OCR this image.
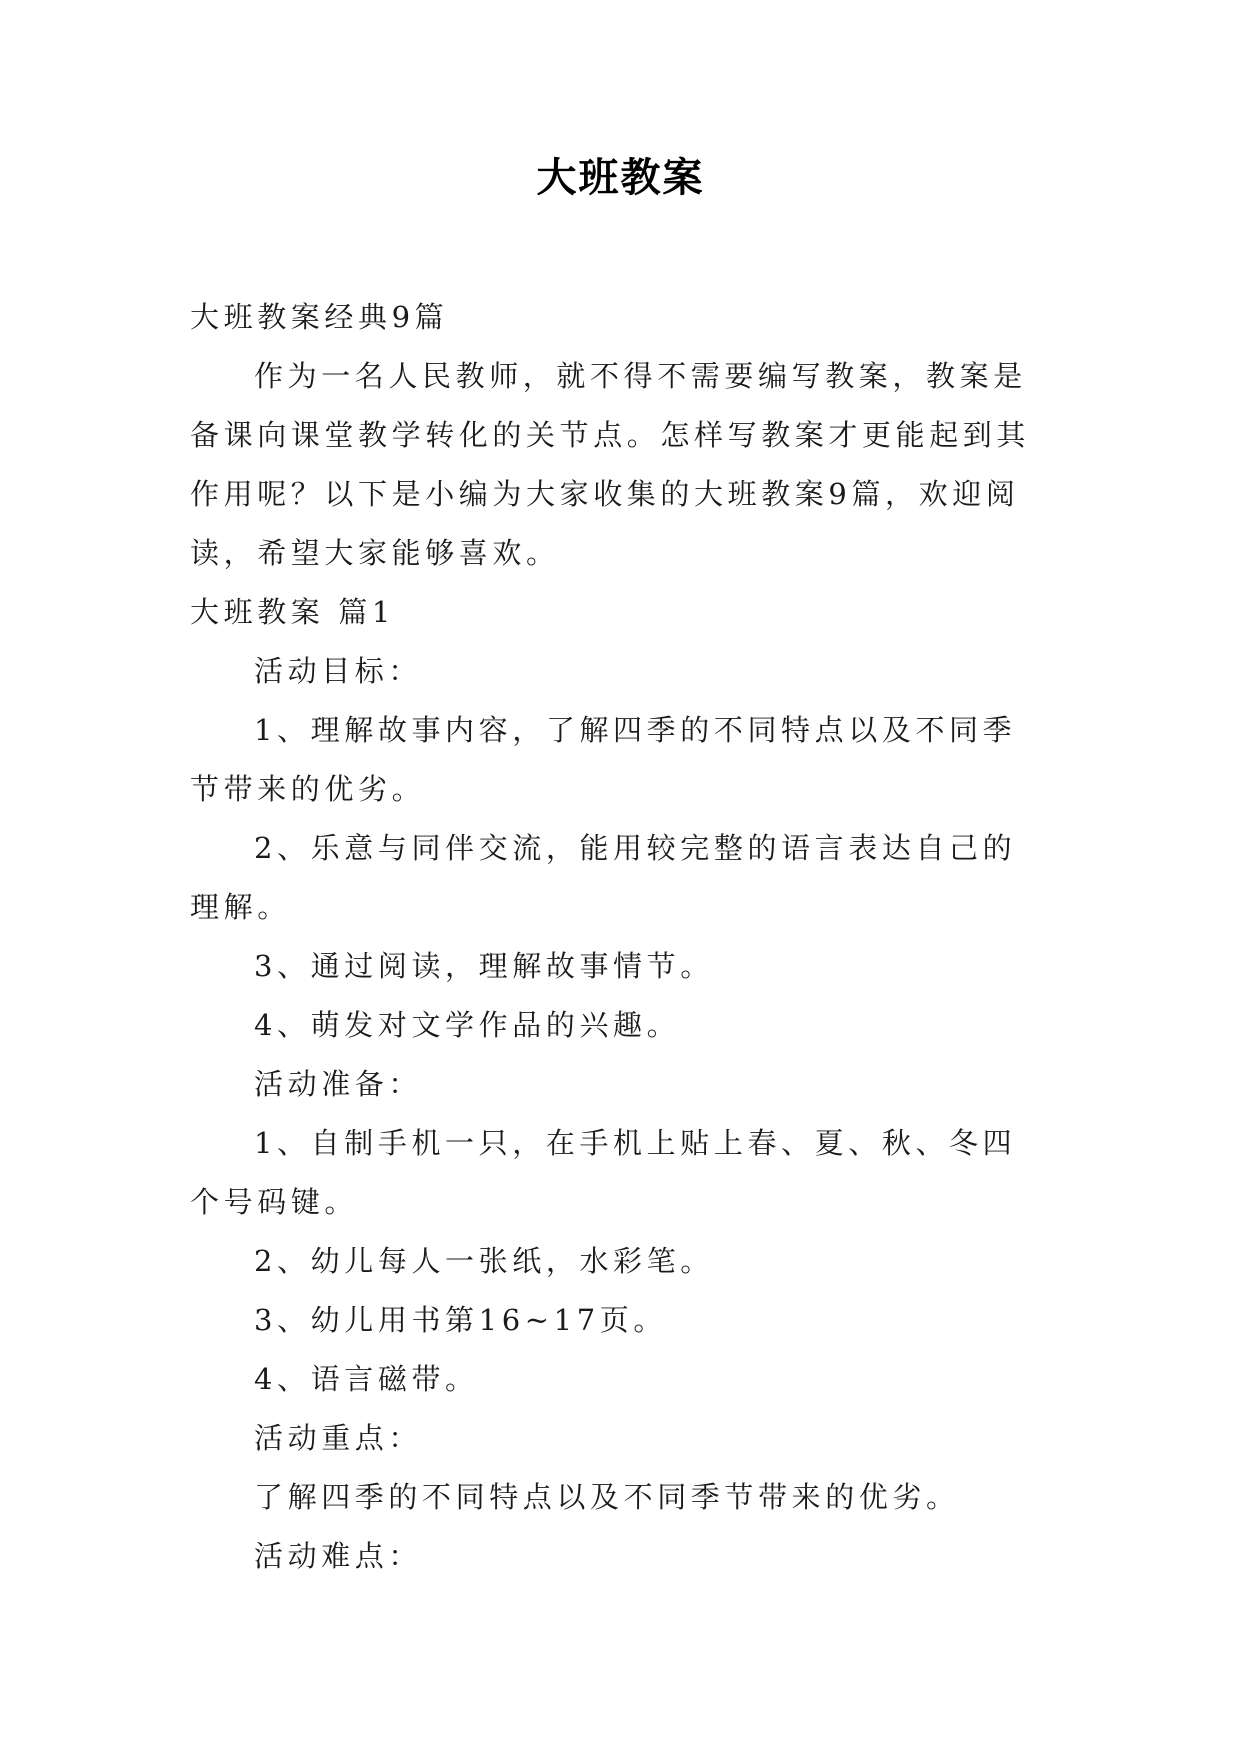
大班教案

大班教案经典9篇

作为一名人民教师，就不得不需要编写教案，教案是备课向课堂教学转化的关节点。怎样写教案才更能起到其作用呢？以下是小编为大家收集的大班教案9篇，欢迎阅读，希望大家能够喜欢。

大班教案 篇1

活动目标：

1、理解故事内容，了解四季的不同特点以及不同季节带来的优劣。

2、乐意与同伴交流，能用较完整的语言表达自己的理解。

3、通过阅读，理解故事情节。

4、萌发对文学作品的兴趣。

活动准备：

1、自制手机一只，在手机上贴上春、夏、秋、冬四个号码键。

2、幼儿每人一张纸，水彩笔。

3、幼儿用书第16~17页。

4、语言磁带。

活动重点：

了解四季的不同特点以及不同季节带来的优劣。

活动难点：
